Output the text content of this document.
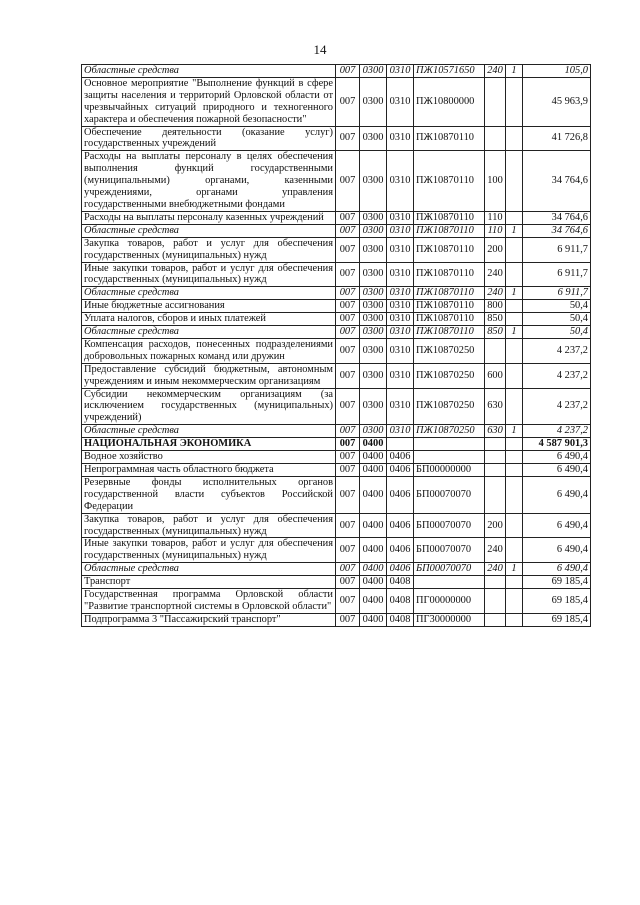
14
Областные средства	007	0300	0310	ПЖ10571650	240	1	105,0
Основное мероприятие "Выполнение функций в сфере защиты населения и территорий Орловской области от чрезвычайных ситуаций природного и техногенного характера и обеспечения пожарной безопасности"	007	0300	0310	ПЖ10800000			45 963,9
Обеспечение деятельности (оказание услуг) государственных учреждений	007	0300	0310	ПЖ10870110			41 726,8
Расходы на выплаты персоналу в целях обеспечения выполнения функций государственными (муниципальными) органами, казенными учреждениями, органами управления государственными внебюджетными фондами	007	0300	0310	ПЖ10870110	100		34 764,6
Расходы на выплаты персоналу казенных учреждений	007	0300	0310	ПЖ10870110	110		34 764,6
Областные средства	007	0300	0310	ПЖ10870110	110	1	34 764,6
Закупка товаров, работ и услуг для обеспечения государственных (муниципальных) нужд	007	0300	0310	ПЖ10870110	200		6 911,7
Иные закупки товаров, работ и услуг для обеспечения государственных (муниципальных) нужд	007	0300	0310	ПЖ10870110	240		6 911,7
Областные средства	007	0300	0310	ПЖ10870110	240	1	6 911,7
Иные бюджетные ассигнования	007	0300	0310	ПЖ10870110	800		50,4
Уплата налогов, сборов и иных платежей	007	0300	0310	ПЖ10870110	850		50,4
Областные средства	007	0300	0310	ПЖ10870110	850	1	50,4
Компенсация расходов, понесенных подразделениями добровольных пожарных команд или дружин	007	0300	0310	ПЖ10870250			4 237,2
Предоставление субсидий бюджетным, автономным учреждениям и иным некоммерческим организациям	007	0300	0310	ПЖ10870250	600		4 237,2
Субсидии некоммерческим организациям (за исключением государственных (муниципальных) учреждений)	007	0300	0310	ПЖ10870250	630		4 237,2
Областные средства	007	0300	0310	ПЖ10870250	630	1	4 237,2
НАЦИОНАЛЬНАЯ ЭКОНОМИКА	007	0400					4 587 901,3
Водное хозяйство	007	0400	0406				6 490,4
Непрограммная часть областного бюджета	007	0400	0406	БП00000000			6 490,4
Резервные фонды исполнительных органов государственной власти субъектов Российской Федерации	007	0400	0406	БП00070070			6 490,4
Закупка товаров, работ и услуг для обеспечения государственных (муниципальных) нужд	007	0400	0406	БП00070070	200		6 490,4
Иные закупки товаров, работ и услуг для обеспечения государственных (муниципальных) нужд	007	0400	0406	БП00070070	240		6 490,4
Областные средства	007	0400	0406	БП00070070	240	1	6 490,4
Транспорт	007	0400	0408				69 185,4
Государственная программа Орловской области "Развитие транспортной системы в Орловской области"	007	0400	0408	ПГ00000000			69 185,4
Подпрограмма 3 "Пассажирский транспорт"	007	0400	0408	ПГ30000000			69 185,4
